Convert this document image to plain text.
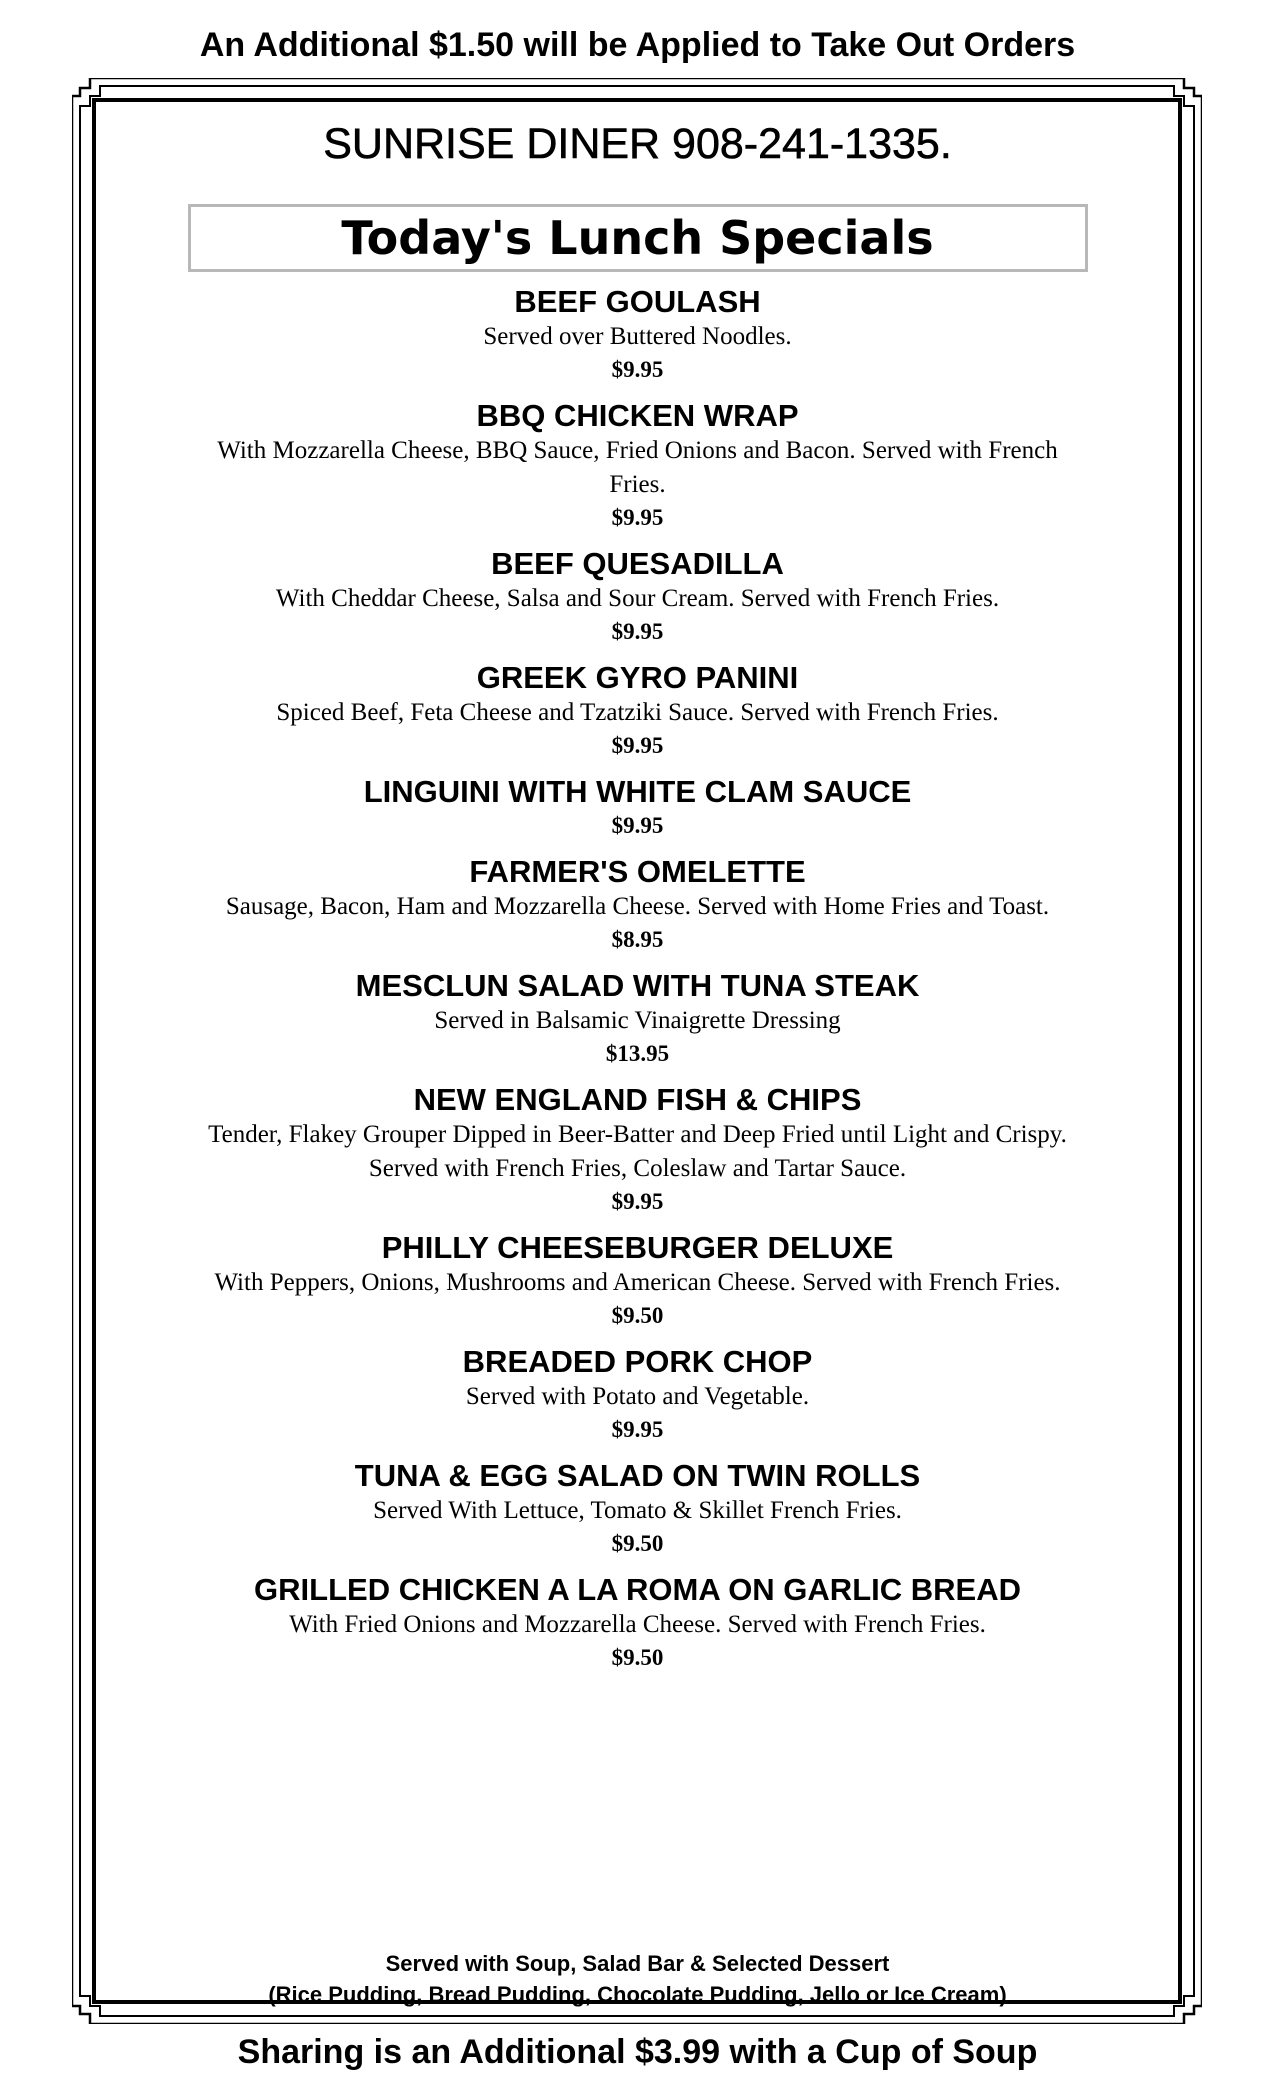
An Additional $1.50 will be Applied to Take Out Orders
SUNRISE DINER 908-241-1335.
Today's Lunch Specials
BEEF GOULASH
Served over Buttered Noodles.
$9.95
BBQ CHICKEN WRAP
With Mozzarella Cheese, BBQ Sauce, Fried Onions and Bacon. Served with French Fries.
$9.95
BEEF QUESADILLA
With Cheddar Cheese, Salsa and Sour Cream. Served with French Fries.
$9.95
GREEK GYRO PANINI
Spiced Beef, Feta Cheese and Tzatziki Sauce. Served with French Fries.
$9.95
LINGUINI WITH WHITE CLAM SAUCE
$9.95
FARMER'S OMELETTE
Sausage, Bacon, Ham and Mozzarella Cheese. Served with Home Fries and Toast.
$8.95
MESCLUN SALAD WITH TUNA STEAK
Served in Balsamic Vinaigrette Dressing
$13.95
NEW ENGLAND FISH & CHIPS
Tender, Flakey Grouper Dipped in Beer-Batter and Deep Fried until Light and Crispy. Served with French Fries, Coleslaw and Tartar Sauce.
$9.95
PHILLY CHEESEBURGER DELUXE
With Peppers, Onions, Mushrooms and American Cheese. Served with French Fries.
$9.50
BREADED PORK CHOP
Served with Potato and Vegetable.
$9.95
TUNA & EGG SALAD ON TWIN ROLLS
Served With Lettuce, Tomato & Skillet French Fries.
$9.50
GRILLED CHICKEN A LA ROMA ON GARLIC BREAD
With Fried Onions and Mozzarella Cheese. Served with French Fries.
$9.50
Served with Soup, Salad Bar & Selected Dessert
(Rice Pudding, Bread Pudding, Chocolate Pudding, Jello or Ice Cream)
Sharing is an Additional $3.99 with a Cup of Soup
